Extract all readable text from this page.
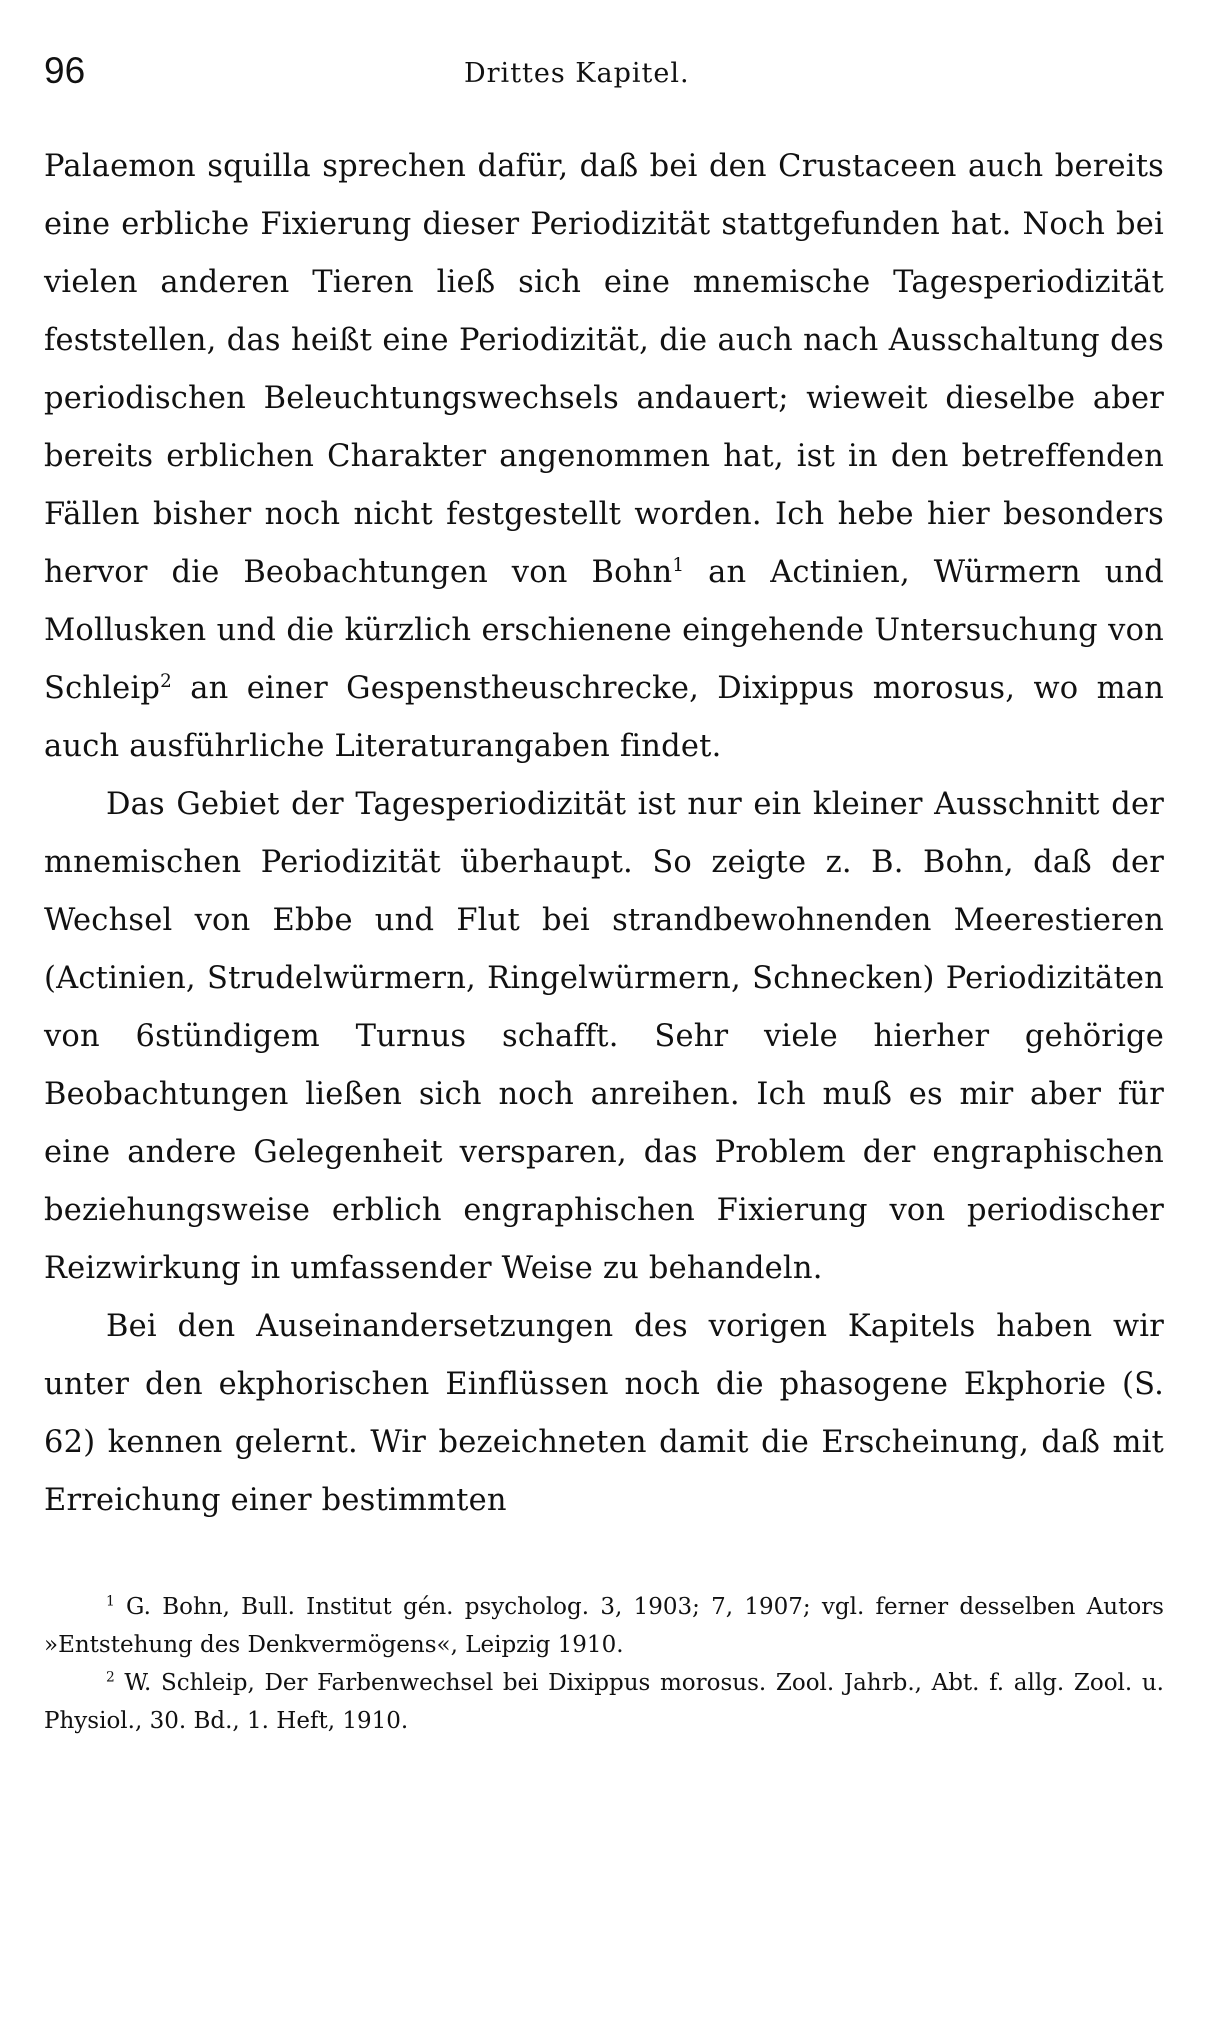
96	Drittes Kapitel.

Palaemon squilla sprechen dafür, daß bei den Crustaceen auch bereits eine erbliche Fixierung dieser Periodizität stattgefunden hat. Noch bei vielen anderen Tieren ließ sich eine mnemische Tagesperiodizität feststellen, das heißt eine Periodizität, die auch nach Ausschaltung des periodischen Beleuchtungswechsels andauert; wieweit dieselbe aber bereits erblichen Charakter angenommen hat, ist in den betreffenden Fällen bisher noch nicht festgestellt worden. Ich hebe hier besonders hervor die Beobachtungen von Bohn$^1$ an Actinien, Würmern und Mollusken und die kürzlich erschienene eingehende Untersuchung von Schleip$^2$ an einer Gespenstheuschrecke, Dixippus morosus, wo man auch ausführliche Literaturangaben findet.

Das Gebiet der Tagesperiodizität ist nur ein kleiner Ausschnitt der mnemischen Periodizität überhaupt. So zeigte z. B. Bohn, daß der Wechsel von Ebbe und Flut bei strandbewohnenden Meerestieren (Actinien, Strudelwürmern, Ringelwürmern, Schnecken) Periodizitäten von 6stündigem Turnus schafft. Sehr viele hierher gehörige Beobachtungen ließen sich noch anreihen. Ich muß es mir aber für eine andere Gelegenheit versparen, das Problem der engraphischen beziehungsweise erblich engraphischen Fixierung von periodischer Reizwirkung in umfassender Weise zu behandeln.

Bei den Auseinandersetzungen des vorigen Kapitels haben wir unter den ekphorischen Einflüssen noch die phasogene Ekphorie (S. 62) kennen gelernt. Wir bezeichneten damit die Erscheinung, daß mit Erreichung einer bestimmten

$^1$ G. Bohn, Bull. Institut gén. psycholog. 3, 1903; 7, 1907; vgl. ferner desselben Autors »Entstehung des Denkvermögens«, Leipzig 1910.

$^2$ W. Schleip, Der Farbenwechsel bei Dixippus morosus. Zool. Jahrb., Abt. f. allg. Zool. u. Physiol., 30. Bd., 1. Heft, 1910.
